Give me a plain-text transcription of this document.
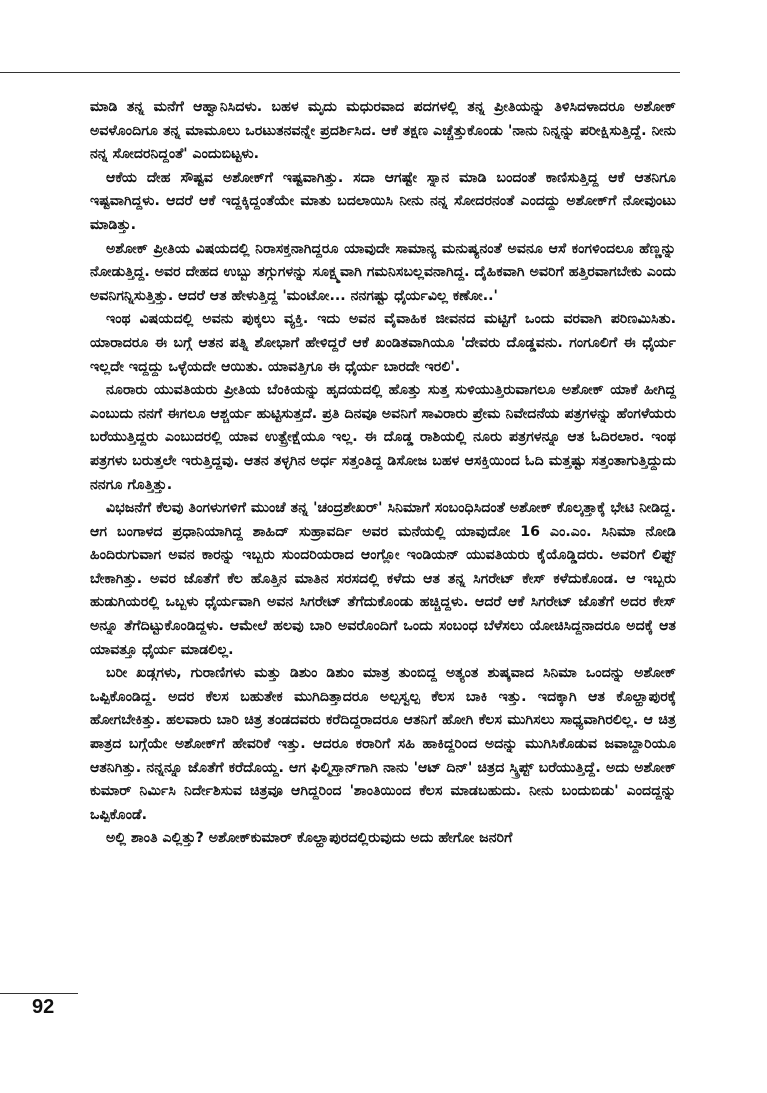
ಮಾಡಿ ತನ್ನ ಮನೆಗೆ ಆಹ್ವಾನಿಸಿದಳು. ಬಹಳ ಮೃದು ಮಧುರವಾದ ಪದಗಳಲ್ಲಿ ತನ್ನ ಪ್ರೀತಿಯನ್ನು ತಿಳಿಸಿದಳಾದರೂ ಅಶೋಕ್ ಅವಳೊಂದಿಗೂ ತನ್ನ ಮಾಮೂಲು ಒರಟುತನವನ್ನೇ ಪ್ರದರ್ಶಿಸಿದ. ಆಕೆ ತಕ್ಷಣ ಎಚ್ಚೆತ್ತುಕೊಂಡು 'ನಾನು ನಿನ್ನನ್ನು ಪರೀಕ್ಷಿಸುತ್ತಿದ್ದೆ. ನೀನು ನನ್ನ ಸೋದರನಿದ್ದಂತೆ' ಎಂದುಬಿಟ್ಟಳು.

ಆಕೆಯ ದೇಹ ಸೌಷ್ಟವ ಅಶೋಕ್‌ಗೆ ಇಷ್ಟವಾಗಿತ್ತು. ಸದಾ ಆಗಷ್ಟೇ ಸ್ನಾನ ಮಾಡಿ ಬಂದಂತೆ ಕಾಣಿಸುತ್ತಿದ್ದ ಆಕೆ ಆತನಿಗೂ ಇಷ್ಟವಾಗಿದ್ದಳು. ಆದರೆ ಆಕೆ ಇದ್ದಕ್ಕಿದ್ದಂತೆಯೇ ಮಾತು ಬದಲಾಯಿಸಿ ನೀನು ನನ್ನ ಸೋದರನಂತೆ ಎಂದದ್ದು ಅಶೋಕ್‌ಗೆ ನೋವುಂಟು ಮಾಡಿತ್ತು.

ಅಶೋಕ್ ಪ್ರೀತಿಯ ವಿಷಯದಲ್ಲಿ ನಿರಾಸಕ್ತನಾಗಿದ್ದರೂ ಯಾವುದೇ ಸಾಮಾನ್ಯ ಮನುಷ್ಯನಂತೆ ಅವನೂ ಆಸೆ ಕಂಗಳಿಂದಲೂ ಹೆಣ್ಣನ್ನು ನೋಡುತ್ತಿದ್ದ. ಅವರ ದೇಹದ ಉಬ್ಬು ತಗ್ಗುಗಳನ್ನು ಸೂಕ್ಷ್ಮವಾಗಿ ಗಮನಿಸಬಲ್ಲವನಾಗಿದ್ದ. ದೈಹಿಕವಾಗಿ ಅವರಿಗೆ ಹತ್ತಿರವಾಗಬೇಕು ಎಂದು ಅವನಿಗನ್ನಿಸುತ್ತಿತ್ತು. ಆದರೆ ಆತ ಹೇಳುತ್ತಿದ್ದ 'ಮಂಟೋ... ನನಗಷ್ಟು ಧೈರ್ಯವಿಲ್ಲ ಕಣೋ..'

ಇಂಥ ವಿಷಯದಲ್ಲಿ ಅವನು ಪುಕ್ಕಲು ವ್ಯಕ್ತಿ. ಇದು ಅವನ ವೈವಾಹಿಕ ಜೀವನದ ಮಟ್ಟಿಗೆ ಒಂದು ವರವಾಗಿ ಪರಿಣಮಿಸಿತು. ಯಾರಾದರೂ ಈ ಬಗ್ಗೆ ಆತನ ಪತ್ನಿ ಶೋಭಾಗೆ ಹೇಳಿದ್ದರೆ ಆಕೆ ಖಂಡಿತವಾಗಿಯೂ 'ದೇವರು ದೊಡ್ಡವನು. ಗಂಗೂಲಿಗೆ ಈ ಧೈರ್ಯ ಇಲ್ಲದೇ ಇದ್ದದ್ದು ಒಳ್ಳೆಯದೇ ಆಯಿತು. ಯಾವತ್ತಿಗೂ ಈ ಧೈರ್ಯ ಬಾರದೇ ಇರಲಿ'.

ನೂರಾರು ಯುವತಿಯರು ಪ್ರೀತಿಯ ಬೆಂಕಿಯನ್ನು ಹೃದಯದಲ್ಲಿ ಹೊತ್ತು ಸುತ್ತ ಸುಳಿಯುತ್ತಿರುವಾಗಲೂ ಅಶೋಕ್ ಯಾಕೆ ಹೀಗಿದ್ದ ಎಂಬುದು ನನಗೆ ಈಗಲೂ ಆಶ್ಚರ್ಯ ಹುಟ್ಟಿಸುತ್ತದೆ. ಪ್ರತಿ ದಿನವೂ ಅವನಿಗೆ ಸಾವಿರಾರು ಪ್ರೇಮ ನಿವೇದನೆಯ ಪತ್ರಗಳನ್ನು ಹೆಂಗಳೆಯರು ಬರೆಯುತ್ತಿದ್ದರು ಎಂಬುದರಲ್ಲಿ ಯಾವ ಉತ್ಪ್ರೇಕ್ಷೆಯೂ ಇಲ್ಲ. ಈ ದೊಡ್ಡ ರಾಶಿಯಲ್ಲಿ ನೂರು ಪತ್ರಗಳನ್ನೂ ಆತ ಓದಿರಲಾರ. ಇಂಥ ಪತ್ರಗಳು ಬರುತ್ತಲೇ ಇರುತ್ತಿದ್ದವು. ಆತನ ತಳ್ಳಗಿನ ಅರ್ಧ ಸತ್ತಂತಿದ್ದ ಡಿಸೋಜ ಬಹಳ ಆಸಕ್ತಿಯಿಂದ ಓದಿ ಮತ್ತಷ್ಟು ಸತ್ತಂತಾಗುತ್ತಿದ್ದುದು ನನಗೂ ಗೊತ್ತಿತ್ತು.

ವಿಭಜನೆಗೆ ಕೆಲವು ತಿಂಗಳುಗಳಿಗೆ ಮುಂಚೆ ತನ್ನ 'ಚಂದ್ರಶೇಖರ್' ಸಿನಿಮಾಗೆ ಸಂಬಂಧಿಸಿದಂತೆ ಅಶೋಕ್ ಕೊಲ್ಕತ್ತಾಕ್ಕೆ ಭೇಟಿ ನೀಡಿದ್ದ. ಆಗ ಬಂಗಾಳದ ಪ್ರಧಾನಿಯಾಗಿದ್ದ ಶಾಹಿದ್ ಸುಹ್ರಾವರ್ದಿ ಅವರ ಮನೆಯಲ್ಲಿ ಯಾವುದೋ 16 ಎಂ.ಎಂ. ಸಿನಿಮಾ ನೋಡಿ ಹಿಂದಿರುಗುವಾಗ ಅವನ ಕಾರನ್ನು ಇಬ್ಬರು ಸುಂದರಿಯರಾದ ಆಂಗ್ಲೋ ಇಂಡಿಯನ್ ಯುವತಿಯರು ಕೈಯೊಡ್ಡಿದರು. ಅವರಿಗೆ ಲಿಫ್ಟ್ ಬೇಕಾಗಿತ್ತು. ಅವರ ಜೊತೆಗೆ ಕೆಲ ಹೊತ್ತಿನ ಮಾತಿನ ಸರಸದಲ್ಲಿ ಕಳೆದು ಆತ ತನ್ನ ಸಿಗರೇಟ್ ಕೇಸ್ ಕಳೆದುಕೊಂಡ. ಆ ಇಬ್ಬರು ಹುಡುಗಿಯರಲ್ಲಿ ಒಬ್ಬಳು ಧೈರ್ಯವಾಗಿ ಅವನ ಸಿಗರೇಟ್ ತೆಗೆದುಕೊಂಡು ಹಚ್ಚಿದ್ದಳು. ಆದರೆ ಆಕೆ ಸಿಗರೇಟ್ ಜೊತೆಗೆ ಅದರ ಕೇಸ್ ಅನ್ನೂ ತೆಗೆದಿಟ್ಟುಕೊಂಡಿದ್ದಳು. ಆಮೇಲೆ ಹಲವು ಬಾರಿ ಅವರೊಂದಿಗೆ ಒಂದು ಸಂಬಂಧ ಬೆಳೆಸಲು ಯೋಚಿಸಿದ್ದನಾದರೂ ಅದಕ್ಕೆ ಆತ ಯಾವತ್ತೂ ಧೈರ್ಯ ಮಾಡಲಿಲ್ಲ.

ಬರೀ ಖಡ್ಗಗಳು, ಗುರಾಣಿಗಳು ಮತ್ತು ಡಿಶುಂ ಡಿಶುಂ ಮಾತ್ರ ತುಂಬಿದ್ದ ಅತ್ಯಂತ ಶುಷ್ಕವಾದ ಸಿನಿಮಾ ಒಂದನ್ನು ಅಶೋಕ್ ಒಪ್ಪಿಕೊಂಡಿದ್ದ. ಅದರ ಕೆಲಸ ಬಹುತೇಕ ಮುಗಿದಿತ್ತಾದರೂ ಅಲ್ಪಸ್ವಲ್ಪ ಕೆಲಸ ಬಾಕಿ ಇತ್ತು. ಇದಕ್ಕಾಗಿ ಆತ ಕೊಲ್ಹಾಪುರಕ್ಕೆ ಹೋಗಬೇಕಿತ್ತು. ಹಲವಾರು ಬಾರಿ ಚಿತ್ರ ತಂಡದವರು ಕರೆದಿದ್ದರಾದರೂ ಆತನಿಗೆ ಹೋಗಿ ಕೆಲಸ ಮುಗಿಸಲು ಸಾಧ್ಯವಾಗಿರಲಿಲ್ಲ. ಆ ಚಿತ್ರ ಪಾತ್ರದ ಬಗ್ಗೆಯೇ ಅಶೋಕ್‌ಗೆ ಹೇವರಿಕೆ ಇತ್ತು. ಆದರೂ ಕರಾರಿಗೆ ಸಹಿ ಹಾಕಿದ್ದರಿಂದ ಅದನ್ನು ಮುಗಿಸಿಕೊಡುವ ಜವಾಬ್ದಾರಿಯೂ ಆತನಿಗಿತ್ತು. ನನ್ನನ್ನೂ ಜೊತೆಗೆ ಕರೆದೊಯ್ದ. ಆಗ ಫಿಲ್ಮಿಸ್ತಾನ್‌ಗಾಗಿ ನಾನು 'ಆಟ್ ದಿನ್' ಚಿತ್ರದ ಸ್ಕ್ರಿಪ್ಟ್ ಬರೆಯುತ್ತಿದ್ದೆ. ಅದು ಅಶೋಕ್ ಕುಮಾರ್ ನಿರ್ಮಿಸಿ ನಿರ್ದೇಶಿಸುವ ಚಿತ್ರವೂ ಆಗಿದ್ದರಿಂದ 'ಶಾಂತಿಯಿಂದ ಕೆಲಸ ಮಾಡಬಹುದು. ನೀನು ಬಂದುಬಿಡು' ಎಂದದ್ದನ್ನು ಒಪ್ಪಿಕೊಂಡೆ.

ಅಲ್ಲಿ ಶಾಂತಿ ಎಲ್ಲಿತ್ತು? ಅಶೋಕ್‌ಕುಮಾರ್ ಕೊಲ್ಹಾಪುರದಲ್ಲಿರುವುದು ಅದು ಹೇಗೋ ಜನರಿಗೆ

92
